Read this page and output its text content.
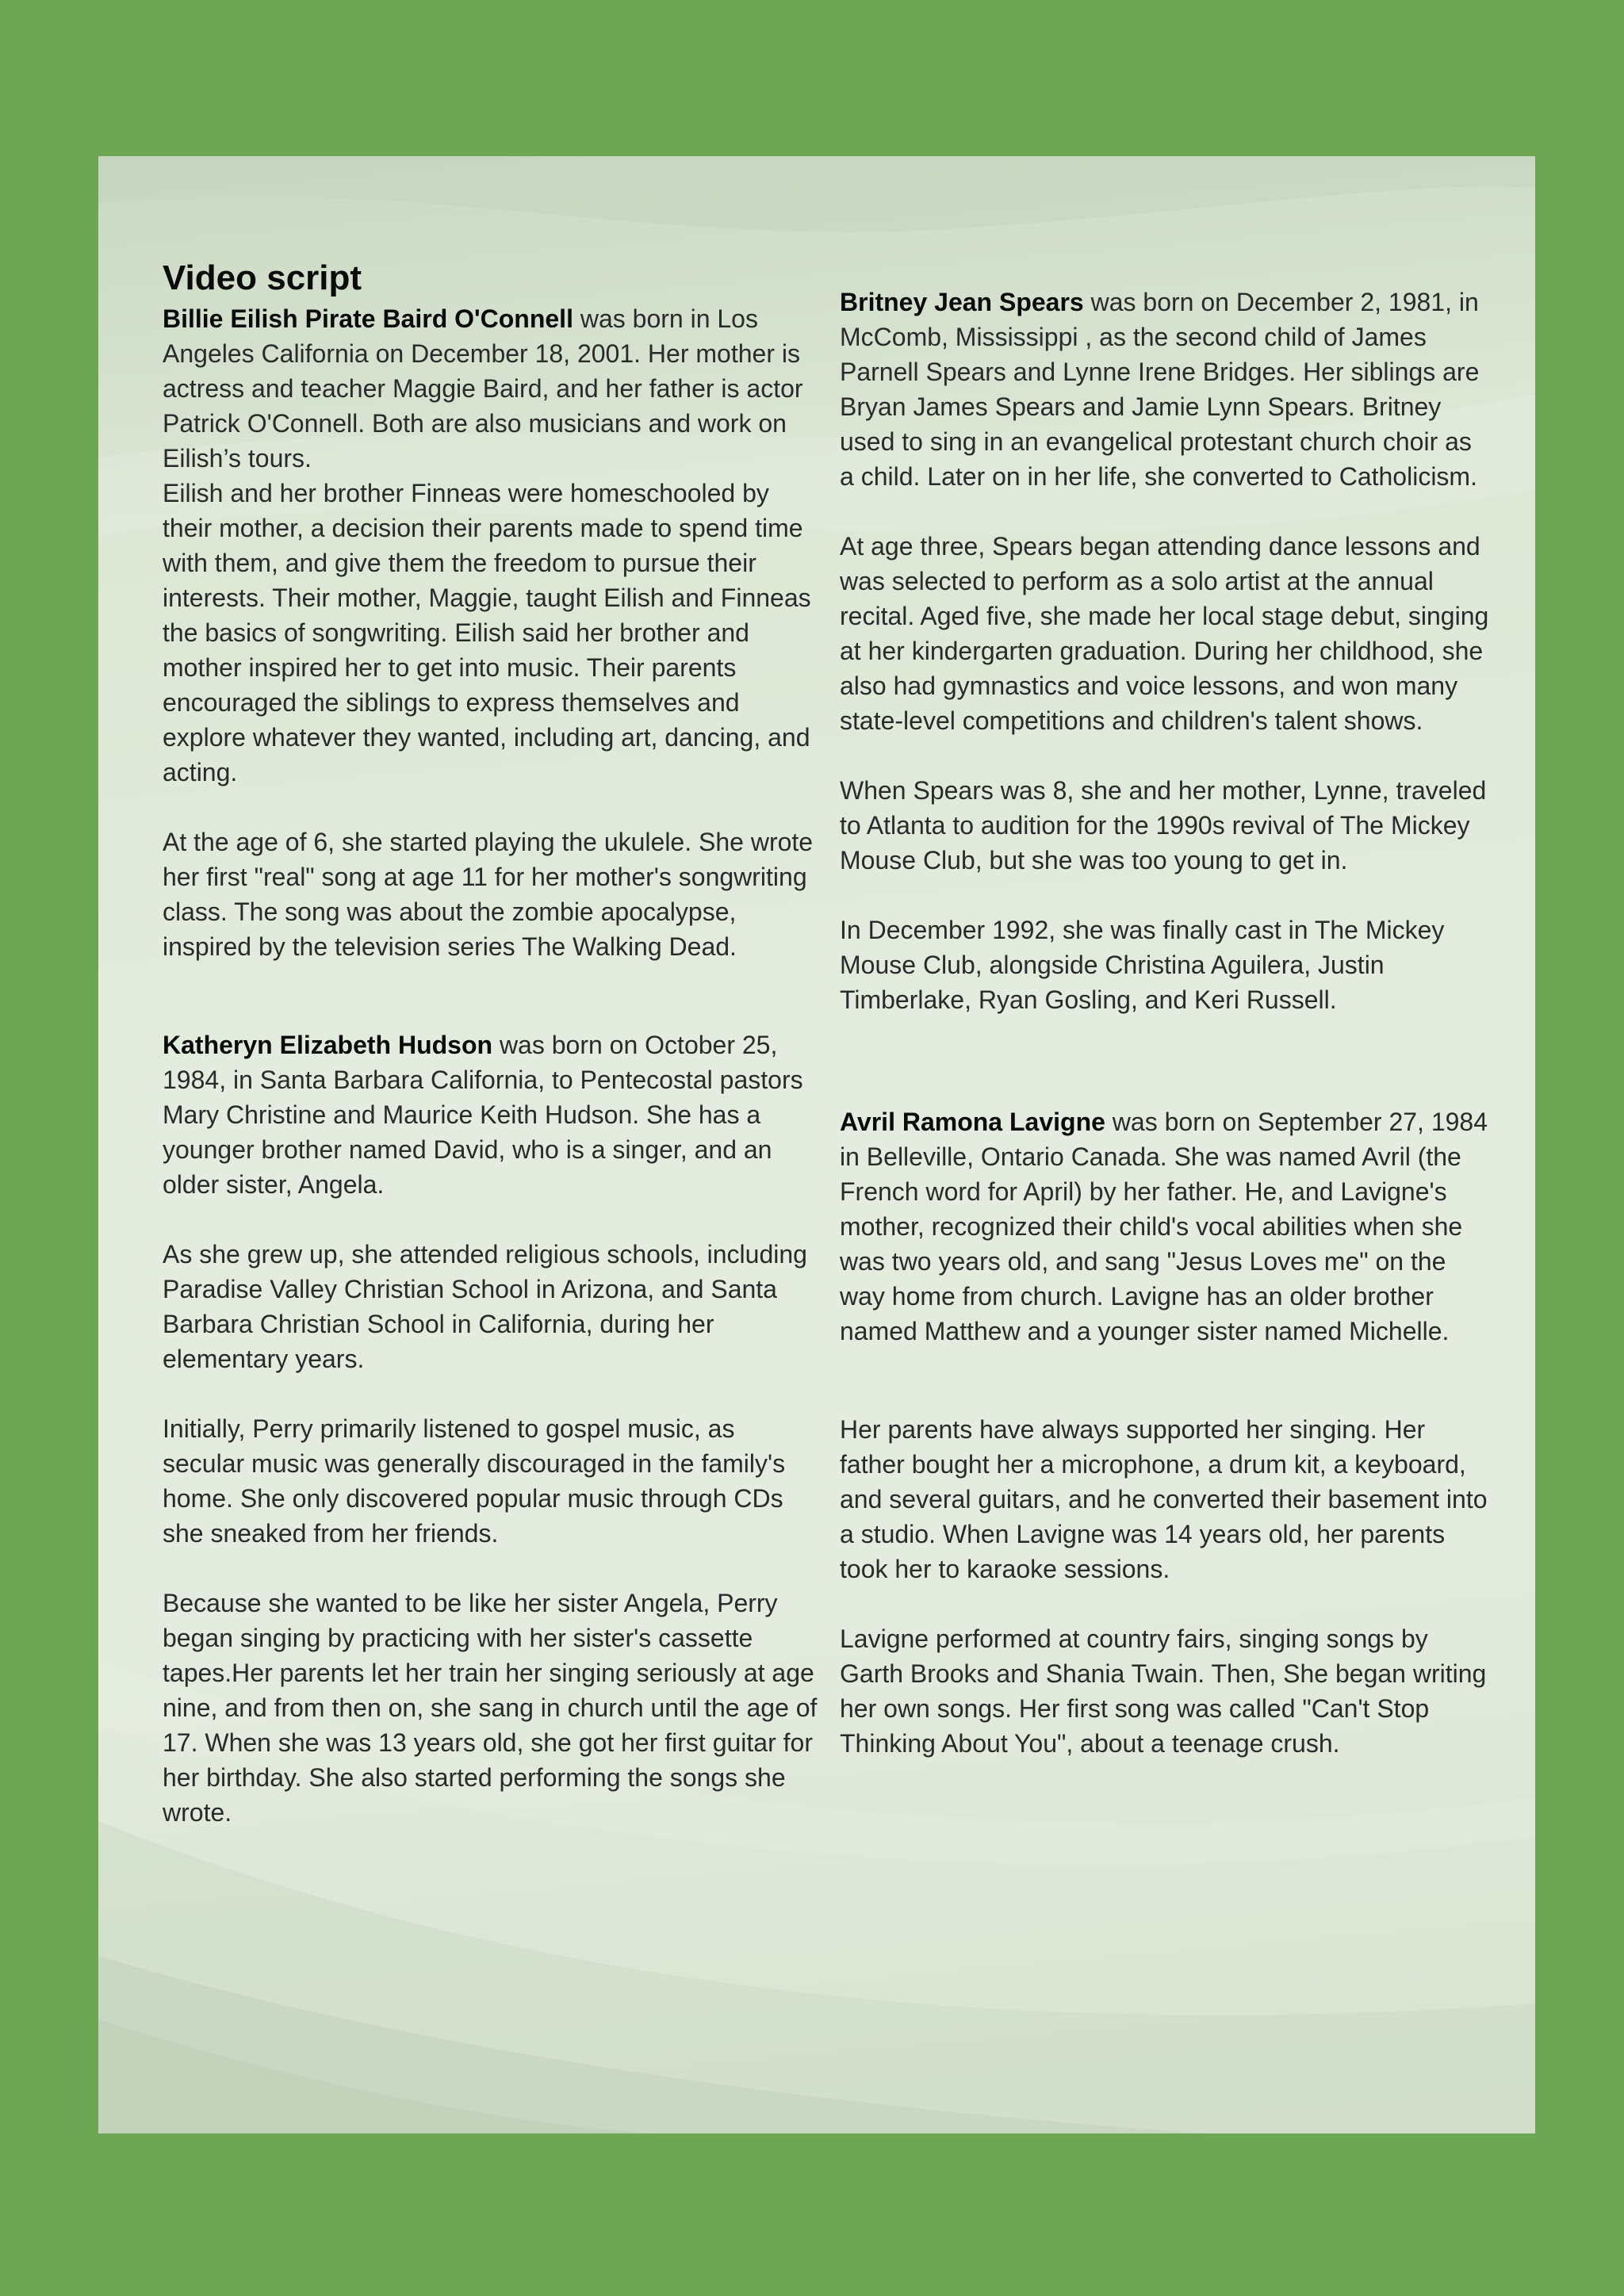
Video script

Billie Eilish Pirate Baird O'Connell was born in Los Angeles California on December 18, 2001. Her mother is actress and teacher Maggie Baird, and her father is actor Patrick O'Connell. Both are also musicians and work on Eilish’s tours.

Eilish and her brother Finneas were homeschooled by their mother, a decision their parents made to spend time with them, and give them the freedom to pursue their interests. Their mother, Maggie, taught Eilish and Finneas the basics of songwriting. Eilish said her brother and mother inspired her to get into music. Their parents encouraged the siblings to express themselves and explore whatever they wanted, including art, dancing, and acting.

At the age of 6, she started playing the ukulele. She wrote her first "real" song at age 11 for her mother's songwriting class. The song was about the zombie apocalypse, inspired by the television series The Walking Dead.

Katheryn Elizabeth Hudson was born on October 25, 1984, in Santa Barbara California, to Pentecostal pastors Mary Christine and Maurice Keith Hudson. She has a younger brother named David, who is a singer, and an older sister, Angela.

As she grew up, she attended religious schools, including Paradise Valley Christian School in Arizona, and Santa Barbara Christian School in California, during her elementary years.

Initially, Perry primarily listened to gospel music, as secular music was generally discouraged in the family's home. She only discovered popular music through CDs she sneaked from her friends.

Because she wanted to be like her sister Angela, Perry began singing by practicing with her sister's cassette tapes.Her parents let her train her singing seriously at age nine, and from then on, she sang in church until the age of 17. When she was 13 years old, she got her first guitar for her birthday. She also started performing the songs she wrote.

Britney Jean Spears was born on December 2, 1981, in McComb, Mississippi , as the second child of James Parnell Spears and Lynne Irene Bridges. Her siblings are Bryan James Spears and Jamie Lynn Spears. Britney used to sing in an evangelical protestant church choir as a child. Later on in her life, she converted to Catholicism.

At age three, Spears began attending dance lessons and was selected to perform as a solo artist at the annual recital. Aged five, she made her local stage debut, singing at her kindergarten graduation. During her childhood, she also had gymnastics and voice lessons, and won many state-level competitions and children's talent shows.

When Spears was 8, she and her mother, Lynne, traveled to Atlanta to audition for the 1990s revival of The Mickey Mouse Club, but she was too young to get in.

In December 1992, she was finally cast in The Mickey Mouse Club, alongside Christina Aguilera, Justin Timberlake, Ryan Gosling, and Keri Russell.

Avril Ramona Lavigne was born on September 27, 1984 in Belleville, Ontario Canada. She was named Avril (the French word for April) by her father. He, and Lavigne's mother, recognized their child's vocal abilities when she was two years old, and sang "Jesus Loves me" on the way home from church. Lavigne has an older brother named Matthew and a younger sister named Michelle.

Her parents have always supported her singing. Her father bought her a microphone, a drum kit, a keyboard, and several guitars, and he converted their basement into a studio. When Lavigne was 14 years old, her parents took her to karaoke sessions.

Lavigne performed at country fairs, singing songs by Garth Brooks and Shania Twain. Then, She began writing her own songs. Her first song was called "Can't Stop Thinking About You", about a teenage crush.
